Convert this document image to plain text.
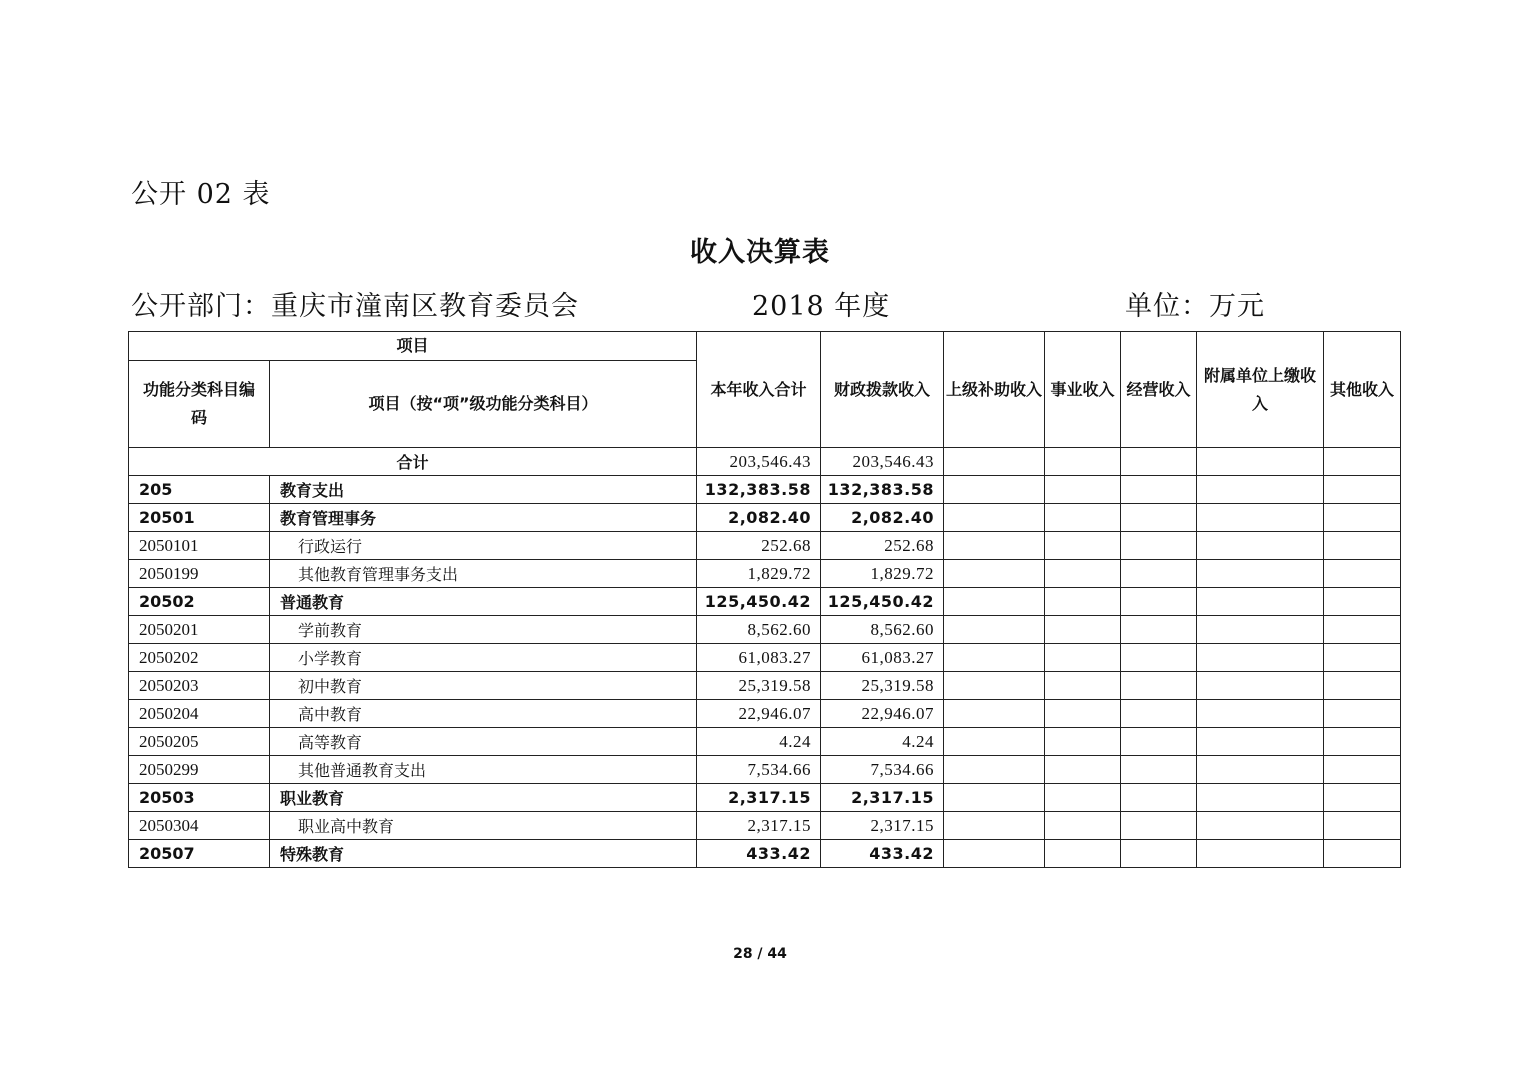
公开 02 表
收入决算表
公开部门：重庆市潼南区教育委员会	2018 年度	单位：万元
项目		本年收入合计	财政拨款收入	上级补助收入	事业收入	经营收入	附属单位上缴收入	其他收入
功能分类科目编码	项目（按“项”级功能分类科目）							
合计		203,546.43	203,546.43					
205	教育支出	132,383.58	132,383.58					
20501	教育管理事务	2,082.40	2,082.40					
2050101	行政运行	252.68	252.68					
2050199	其他教育管理事务支出	1,829.72	1,829.72					
20502	普通教育	125,450.42	125,450.42					
2050201	学前教育	8,562.60	8,562.60					
2050202	小学教育	61,083.27	61,083.27					
2050203	初中教育	25,319.58	25,319.58					
2050204	高中教育	22,946.07	22,946.07					
2050205	高等教育	4.24	4.24					
2050299	其他普通教育支出	7,534.66	7,534.66					
20503	职业教育	2,317.15	2,317.15					
2050304	职业高中教育	2,317.15	2,317.15					
20507	特殊教育	433.42	433.42					
28 / 44
